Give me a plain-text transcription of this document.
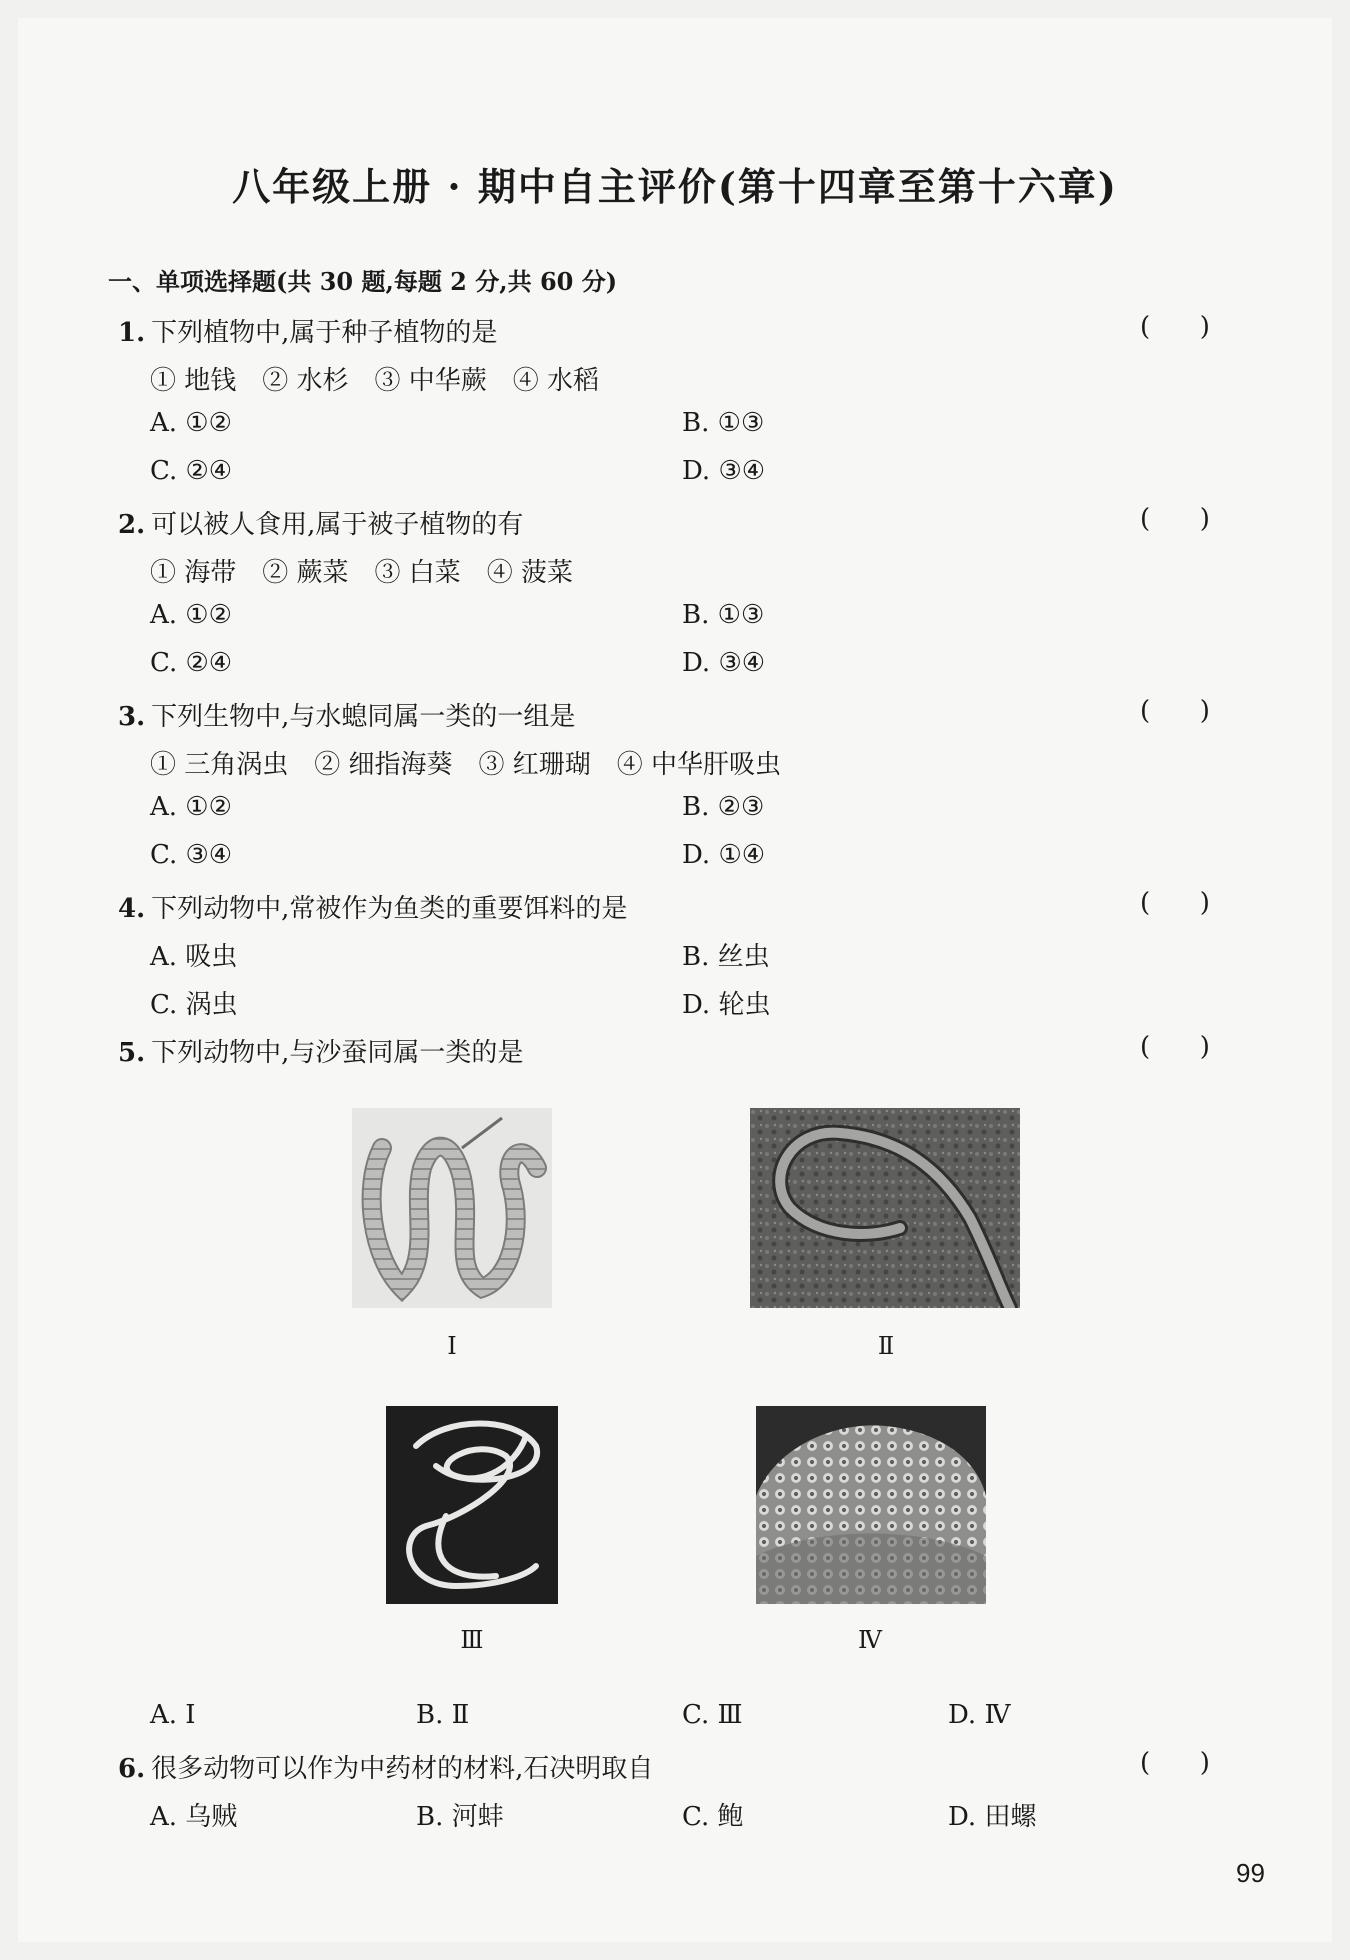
八年级上册 · 期中自主评价(第十四章至第十六章)
一、单项选择题(共 30 题,每题 2 分,共 60 分)
1. 下列植物中,属于种子植物的是	(      )
① 地钱 ② 水杉 ③ 中华蕨 ④ 水稻
A. ①②	B. ①③
C. ②④	D. ③④
2. 可以被人食用,属于被子植物的有	(      )
① 海带 ② 蕨菜 ③ 白菜 ④ 菠菜
A. ①②	B. ①③
C. ②④	D. ③④
3. 下列生物中,与水螅同属一类的一组是	(      )
① 三角涡虫 ② 细指海葵 ③ 红珊瑚 ④ 中华肝吸虫
A. ①②	B. ②③
C. ③④	D. ①④
4. 下列动物中,常被作为鱼类的重要饵料的是	(      )
A. 吸虫	B. 丝虫
C. 涡虫	D. 轮虫
5. 下列动物中,与沙蚕同属一类的是	(      )
Ⅰ	Ⅱ
Ⅲ	Ⅳ
A. Ⅰ	B. Ⅱ	C. Ⅲ	D. Ⅳ
6. 很多动物可以作为中药材的材料,石决明取自	(      )
A. 乌贼	B. 河蚌	C. 鲍	D. 田螺
99
